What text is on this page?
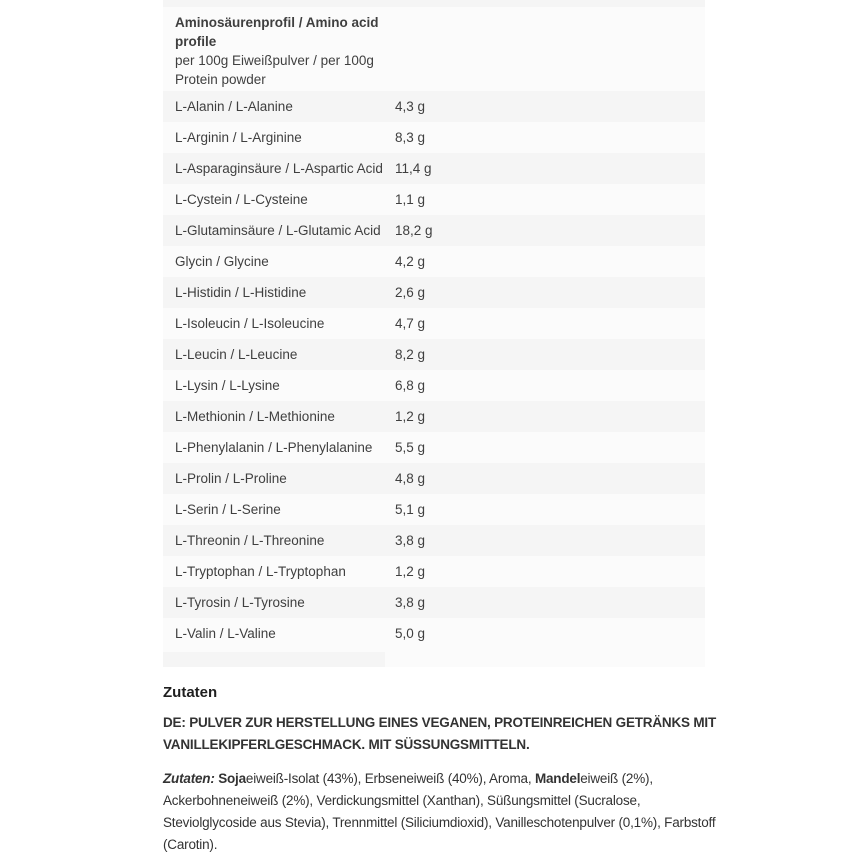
Aminosäurenprofil / Amino acid profile
per 100g Eiweißpulver / per 100g Protein powder
L-Alanin / L-Alanine	4,3 g
L-Arginin / L-Arginine	8,3 g
L-Asparaginsäure / L-Aspartic Acid 11,4 g
L-Cystein / L-Cysteine	1,1 g
L-Glutaminsäure / L-Glutamic Acid	18,2 g
Glycin / Glycine	4,2 g
L-Histidin / L-Histidine	2,6 g
L-Isoleucin / L-Isoleucine	4,7 g
L-Leucin / L-Leucine	8,2 g
L-Lysin / L-Lysine	6,8 g
L-Methionin / L-Methionine	1,2 g
L-Phenylalanin / L-Phenylalanine	5,5 g
L-Prolin / L-Proline	4,8 g
L-Serin / L-Serine	5,1 g
L-Threonin / L-Threonine	3,8 g
L-Tryptophan / L-Tryptophan	1,2 g
L-Tyrosin / L-Tyrosine	3,8 g
L-Valin / L-Valine	5,0 g
Zutaten
DE: PULVER ZUR HERSTELLUNG EINES VEGANEN, PROTEINREICHEN GETRÄNKS MIT VANILLEKIPFERLGESCHMACK. MIT SÜSSUNGSMITTELN.
Zutaten: Sojaeiweiß-Isolat (43%), Erbseneiweiß (40%), Aroma, Mandeleiweiß (2%), Ackerbohneneiweiß (2%), Verdickungsmittel (Xanthan), Süßungsmittel (Sucralose, Steviolglycoside aus Stevia), Trennmittel (Siliciumdioxid), Vanilleschotenpulver (0,1%), Farbstoff (Carotin).
